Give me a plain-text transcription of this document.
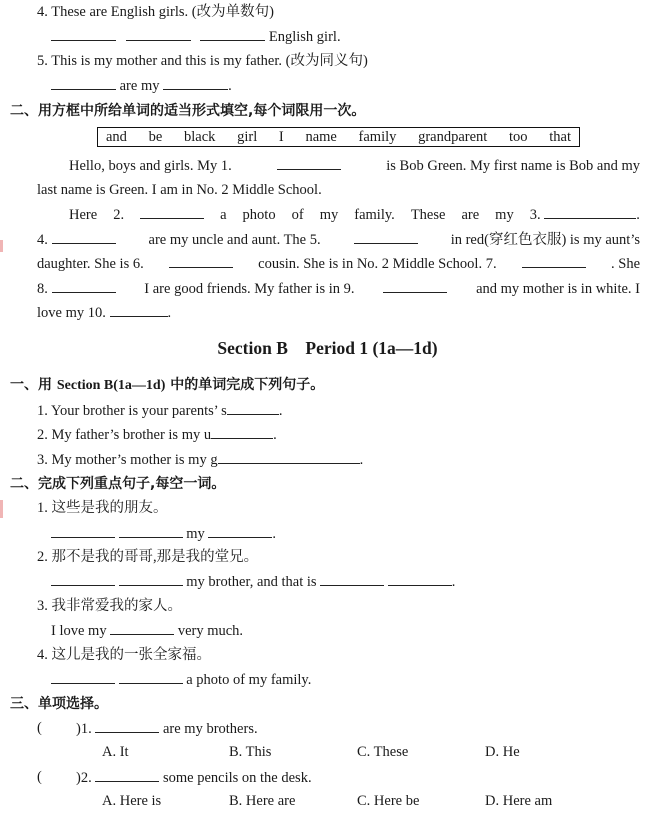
4. These are English girls. (改为单数句)
English girl.
5. This is my mother and this is my father. (改为同义句)
are my	.
二、用方框中所给单词的适当形式填空,每个词限用一次。
and be black girl I name family grandparent too that
Hello, boys and girls. My 1.	is Bob Green. My first name is Bob and my
last name is Green. I am in No. 2 Middle School.
Here 2.	a photo of my family. These are my 3.	.
4.	are my uncle and aunt. The 5.	in red(穿红色衣服) is my aunt’s
daughter. She is 6.	cousin. She is in No. 2 Middle School. 7.	. She
8.	I are good friends. My father is in 9.	and my mother is in white. I
love my 10.	.
Section B    Period 1 (1a—1d)
一、用 Section B(1a—1d) 中的单词完成下列句子。
1. Your brother is your parents’ s	.
2. My father’s brother is my u	.
3. My mother’s mother is my g	.
二、完成下列重点句子,每空一词。
1. 这些是我的朋友。
my	.
2. 那不是我的哥哥,那是我的堂兄。
my brother, and that is	.
3. 我非常爱我的家人。
I love my	very much.
4. 这儿是我的一张全家福。
a photo of my family.
三、单项选择。
( )1.	are my brothers.
A. It	B. This	C. These	D. He
( )2.	some pencils on the desk.
A. Here is	B. Here are	C. Here be	D. Here am
